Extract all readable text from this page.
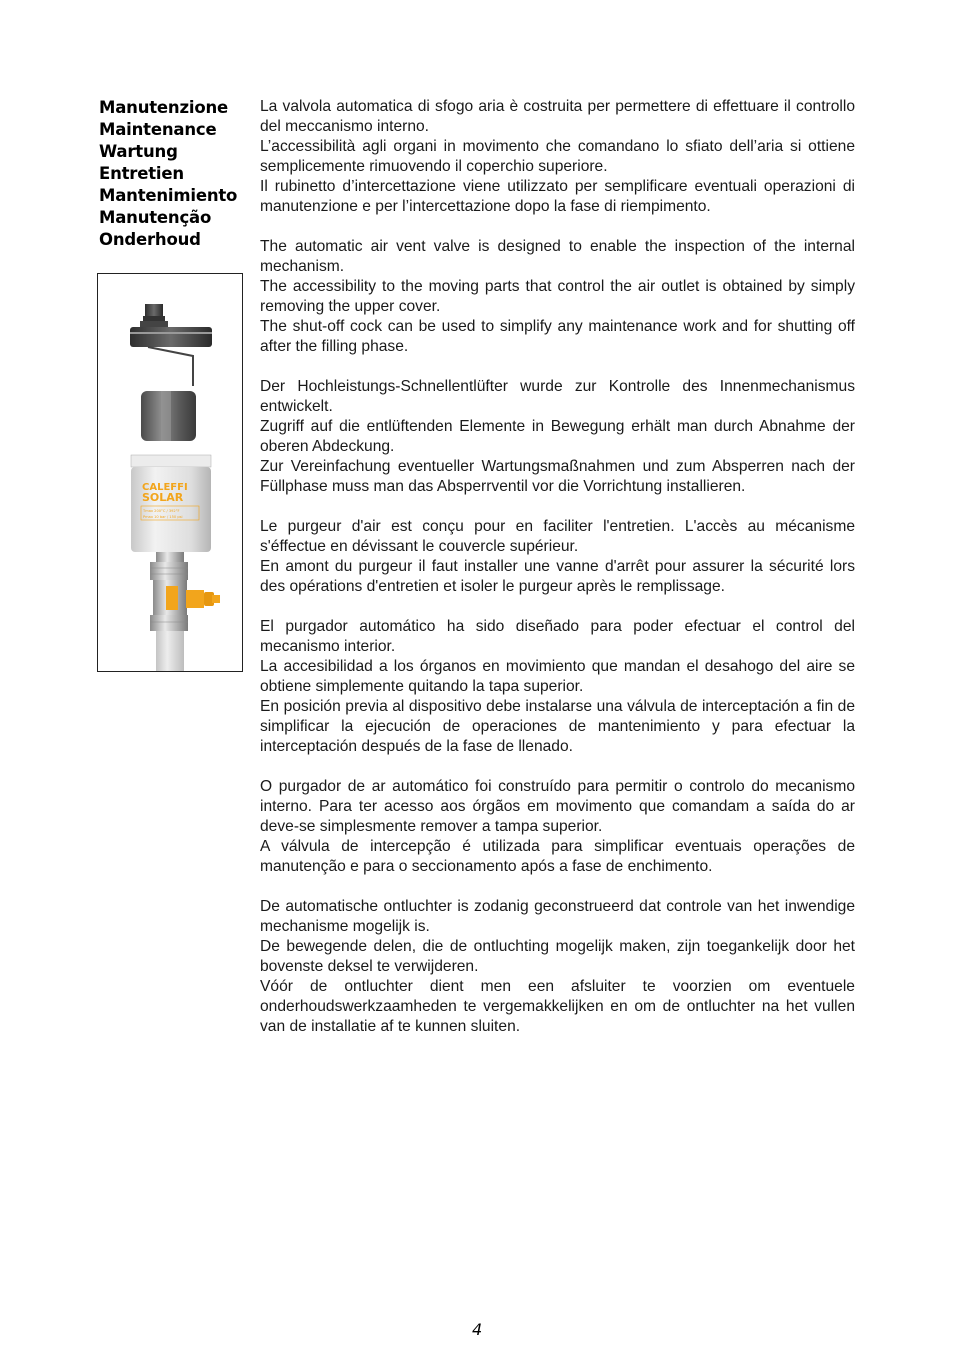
Manutenzione
Maintenance
Wartung
Entretien
Mantenimiento
Manutenção
Onderhoud
CALEFFI
SOLAR
Tmax 200°C / 392°F
Pmax 10 bar / 150 psi

La valvola automatica di sfogo aria è costruita per permettere di effettuare il controllo del meccanismo interno.

L’accessibilità agli organi in movimento che comandano lo sfiato dell’aria si ottiene semplicemente rimuovendo il coperchio superiore.

Il rubinetto d’intercettazione viene utilizzato per semplificare eventuali operazioni di manutenzione e per l’intercettazione dopo la fase di riempimento.

The automatic air vent valve is designed to enable the inspection of the internal mechanism.

The accessibility to the moving parts that control the air outlet is obtained by simply removing the upper cover.

The shut-off cock can be used to simplify any maintenance work and for shutting off after the filling phase.

Der Hochleistungs-Schnellentlüfter wurde zur Kontrolle des Innenmechanismus entwickelt.

Zugriff auf die entlüftenden Elemente in Bewegung erhält man durch Abnahme der oberen Abdeckung.

Zur Vereinfachung eventueller Wartungsmaßnahmen und zum Absperren nach der Füllphase muss man das Absperrventil vor die Vorrichtung installieren.

Le purgeur d'air est conçu pour en faciliter l'entretien. L'accès au mécanisme s'éffectue en dévissant le couvercle supérieur.

En amont du purgeur il faut installer une vanne d'arrêt pour assurer la sécurité lors des opérations d'entretien et isoler le purgeur après le remplissage.

El purgador automático ha sido diseñado para poder efectuar el control del mecanismo interior.

La accesibilidad a los órganos en movimiento que mandan el desahogo del aire se obtiene simplemente quitando la tapa superior.

En posición previa al dispositivo debe instalarse una válvula de interceptación a fin de simplificar la ejecución de operaciones de mantenimiento y para efectuar la interceptación después de la fase de llenado.

O purgador de ar automático foi construído para permitir o controlo do mecanismo interno. Para ter acesso aos órgãos em movimento que comandam a saída do ar deve-se simplesmente remover a tampa superior.

A válvula de intercepção é utilizada para simplificar eventuais operações de manutenção e para o seccionamento após a fase de enchimento.

De automatische ontluchter is zodanig geconstrueerd dat controle van het inwendige mechanisme mogelijk is.

De bewegende delen, die de ontluchting mogelijk maken, zijn toegankelijk door het bovenste deksel te verwijderen.

Vóór de ontluchter dient men een afsluiter te voorzien om eventuele onderhoudswerkzaamheden te vergemakkelijken en om de ontluchter na het vullen van de installatie af te kunnen sluiten.

4
